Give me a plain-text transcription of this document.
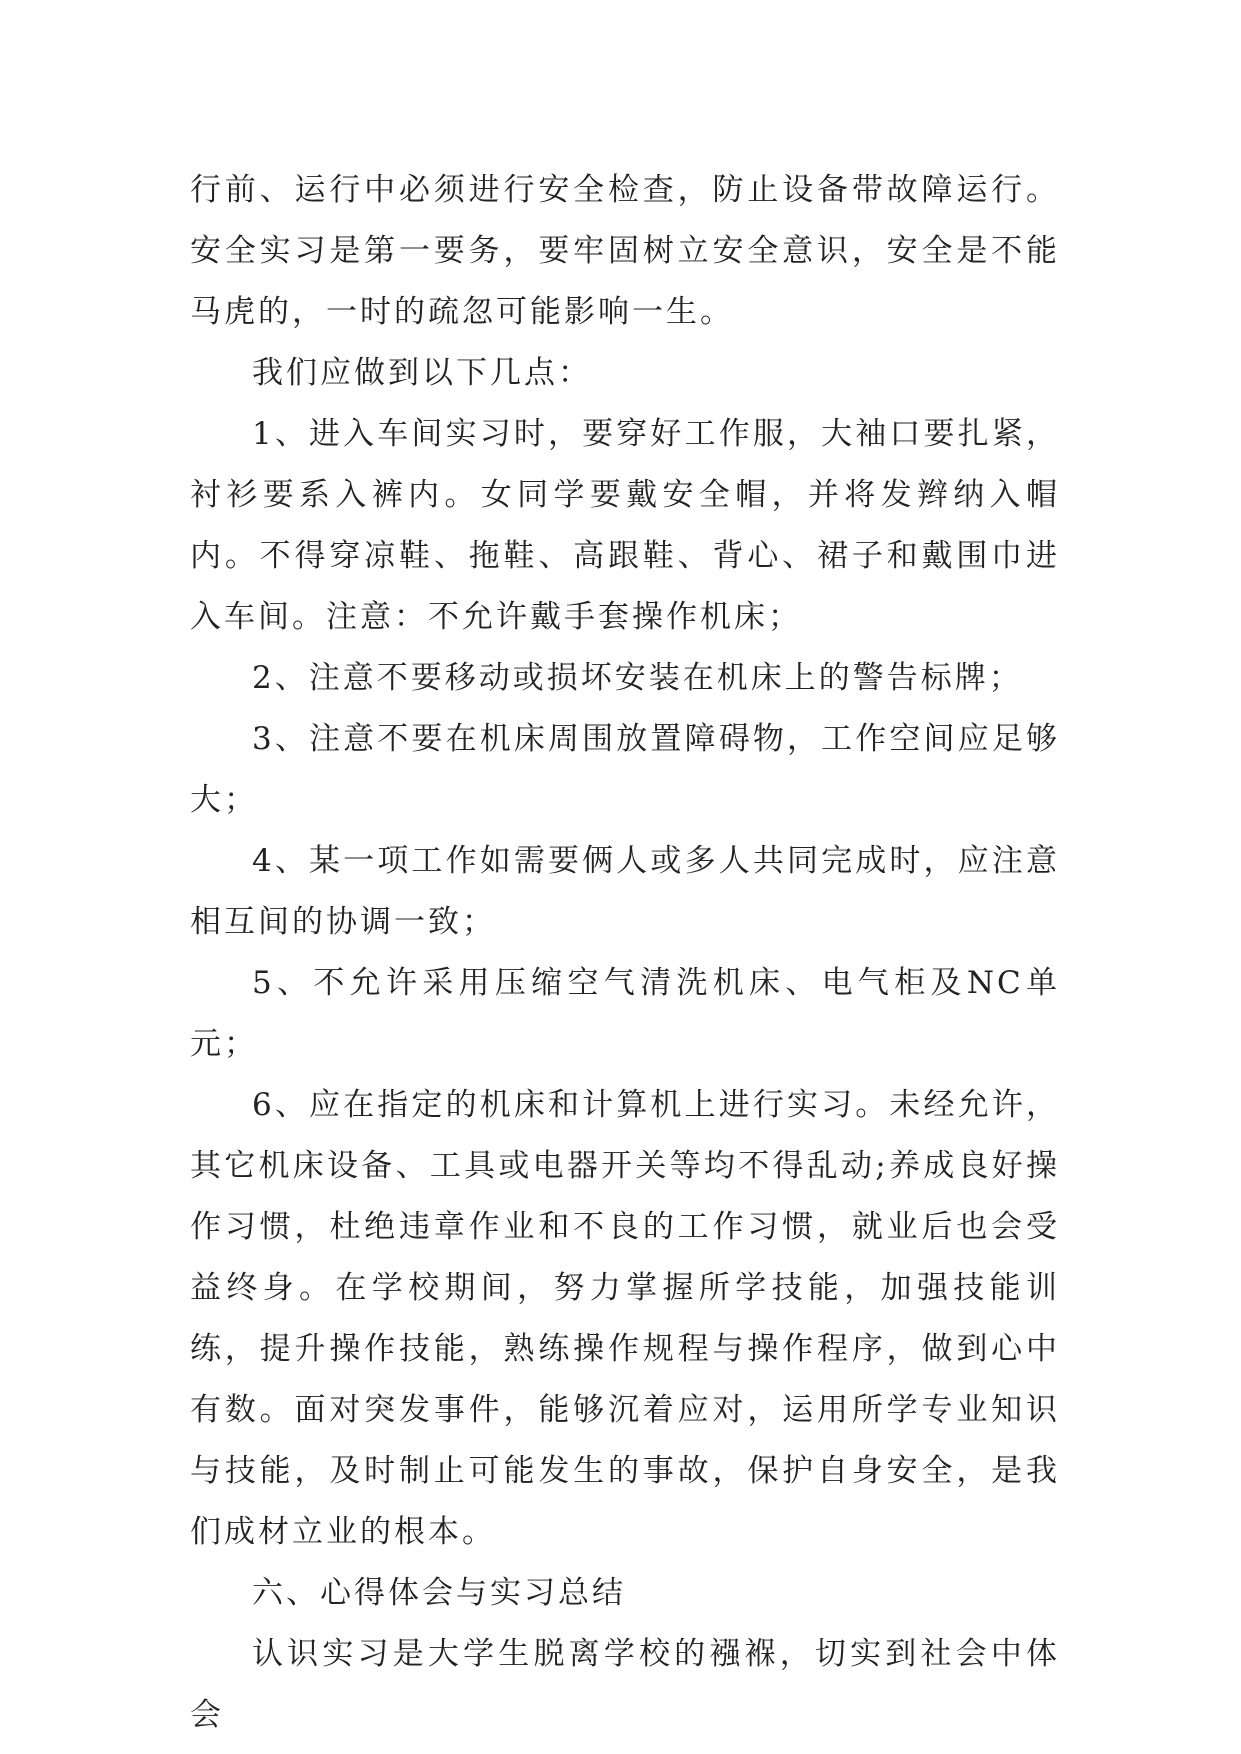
行前、运行中必须进行安全检查，防止设备带故障运行。安全实习是第一要务，要牢固树立安全意识，安全是不能马虎的，一时的疏忽可能影响一生。

我们应做到以下几点：

1、进入车间实习时，要穿好工作服，大袖口要扎紧，衬衫要系入裤内。女同学要戴安全帽，并将发辫纳入帽内。不得穿凉鞋、拖鞋、高跟鞋、背心、裙子和戴围巾进入车间。注意：不允许戴手套操作机床；

2、注意不要移动或损坏安装在机床上的警告标牌；

3、注意不要在机床周围放置障碍物，工作空间应足够大；

4、某一项工作如需要俩人或多人共同完成时，应注意相互间的协调一致；

5、不允许采用压缩空气清洗机床、电气柜及NC单元；

6、应在指定的机床和计算机上进行实习。未经允许，其它机床设备、工具或电器开关等均不得乱动;养成良好操作习惯，杜绝违章作业和不良的工作习惯，就业后也会受益终身。在学校期间，努力掌握所学技能，加强技能训练，提升操作技能，熟练操作规程与操作程序，做到心中有数。面对突发事件，能够沉着应对，运用所学专业知识与技能，及时制止可能发生的事故，保护自身安全，是我们成材立业的根本。

六、心得体会与实习总结

认识实习是大学生脱离学校的襁褓，切实到社会中体会
